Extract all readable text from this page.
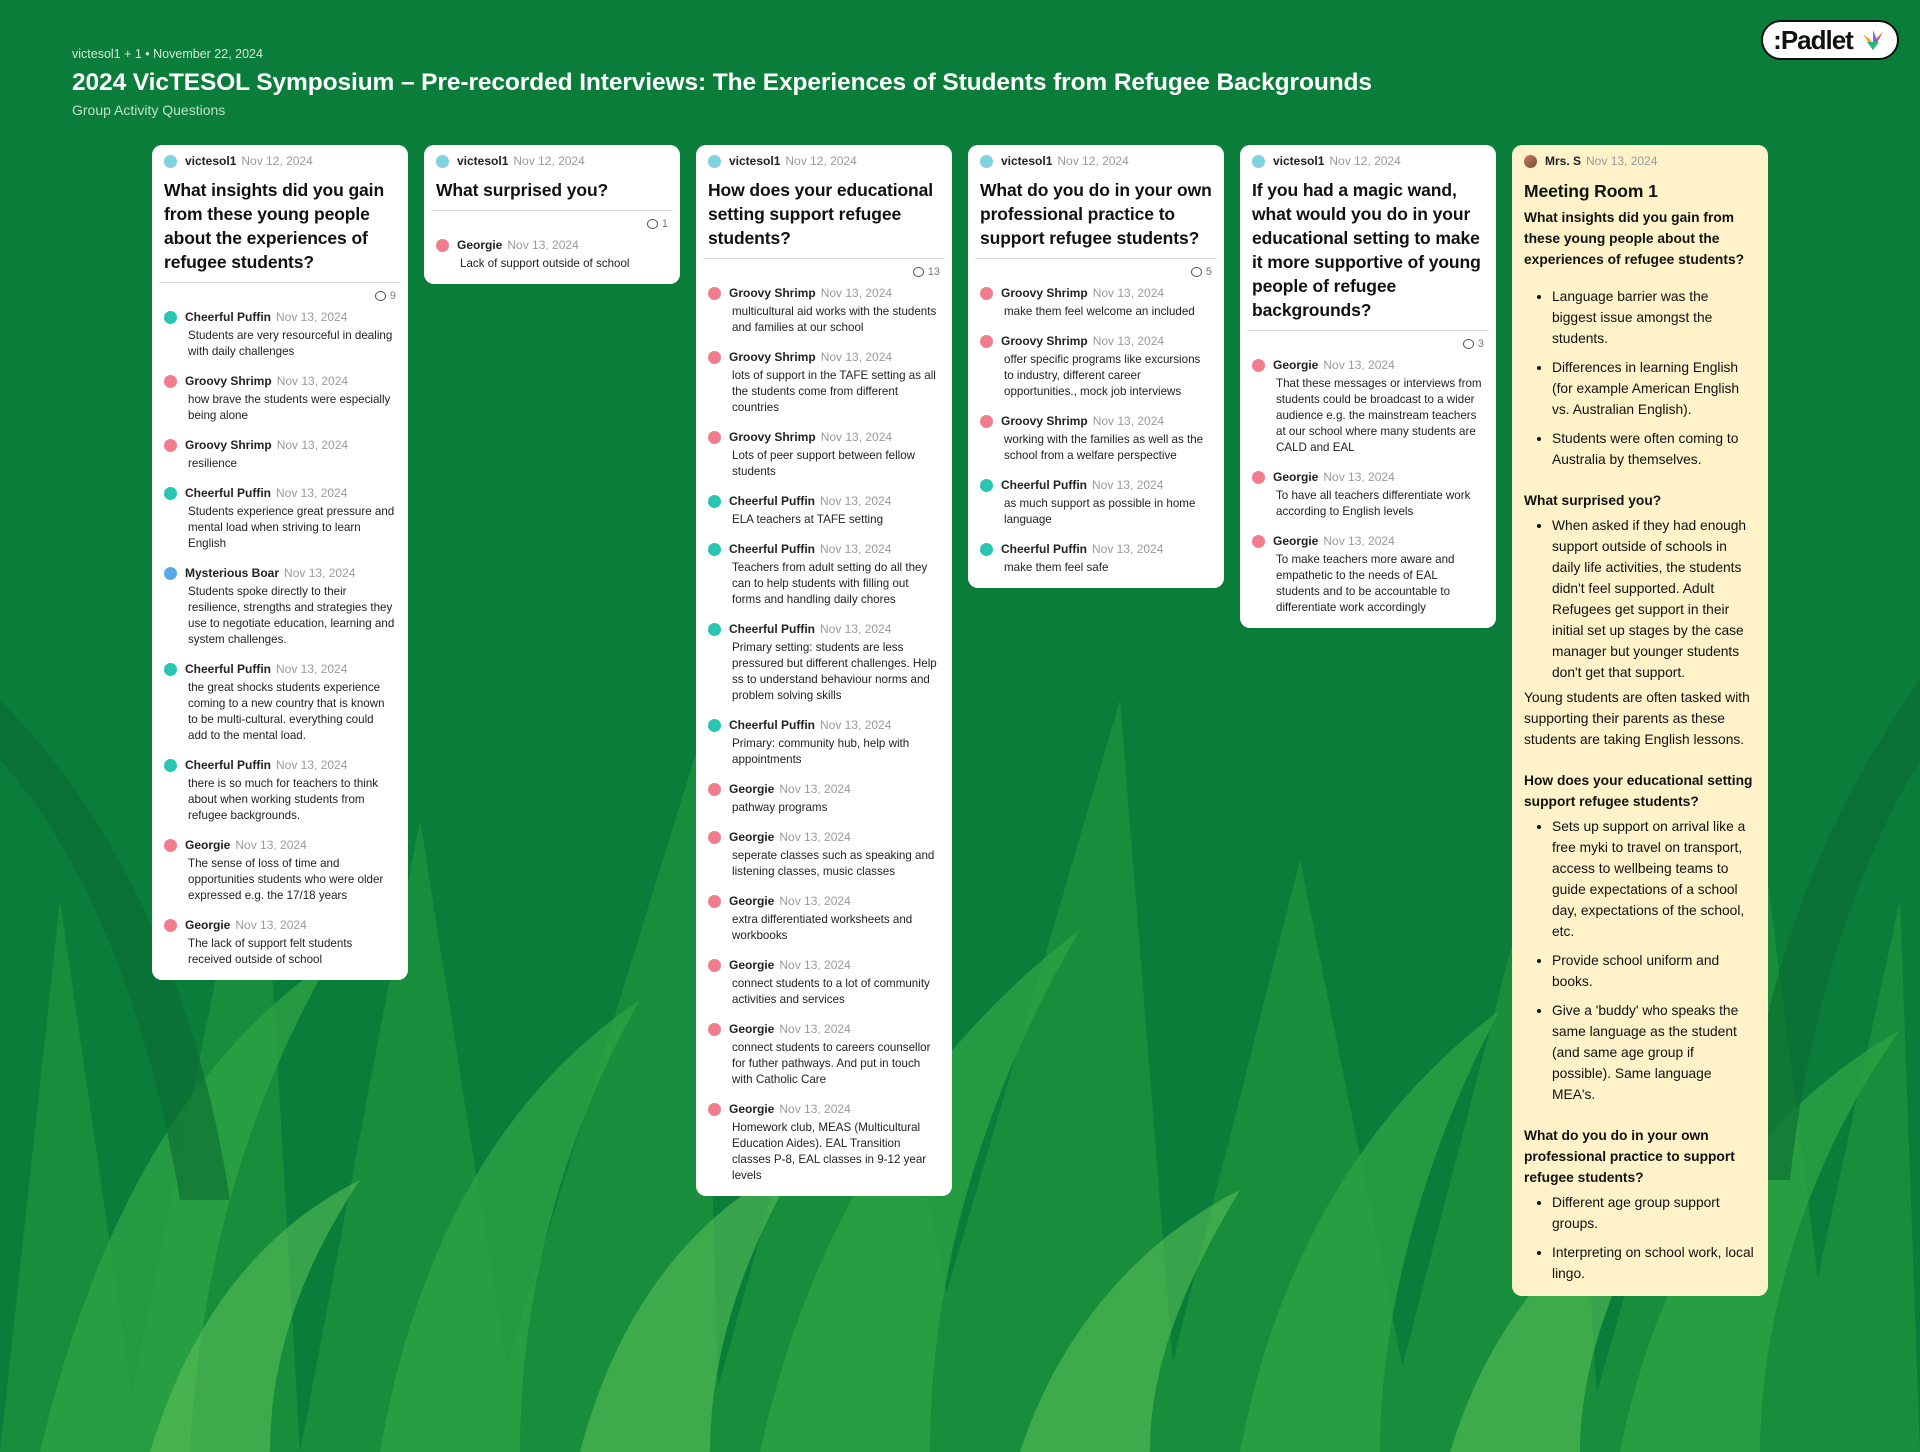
victesol1 + 1 • November 22, 2024
2024 VicTESOL Symposium – Pre-recorded Interviews: The Experiences of Students from Refugee Backgrounds
Group Activity Questions
:Padlet
victesol1 Nov 12, 2024
What insights did you gain from these young people about the experiences of refugee students?
9
Cheerful Puffin Nov 13, 2024
Students are very resourceful in dealing with daily challenges
Groovy Shrimp Nov 13, 2024
how brave the students were especially being alone
Groovy Shrimp Nov 13, 2024
resilience
Cheerful Puffin Nov 13, 2024
Students experience great pressure and mental load when striving to learn English
Mysterious Boar Nov 13, 2024
Students spoke directly to their resilience, strengths and strategies they use to negotiate education, learning and system challenges.
Cheerful Puffin Nov 13, 2024
the great shocks students experience coming to a new country that is known to be multi-cultural. everything could add to the mental load.
Cheerful Puffin Nov 13, 2024
there is so much for teachers to think about when working students from refugee backgrounds.
Georgie Nov 13, 2024
The sense of loss of time and opportunities students who were older expressed e.g. the 17/18 years
Georgie Nov 13, 2024
The lack of support felt students received outside of school
victesol1 Nov 12, 2024
What surprised you?
1
Georgie Nov 13, 2024
Lack of support outside of school
victesol1 Nov 12, 2024
How does your educational setting support refugee students?
13
Groovy Shrimp Nov 13, 2024
multicultural aid works with the students and families at our school
Groovy Shrimp Nov 13, 2024
lots of support in the TAFE setting as all the students come from different countries
Groovy Shrimp Nov 13, 2024
Lots of peer support between fellow students
Cheerful Puffin Nov 13, 2024
ELA teachers at TAFE setting
Cheerful Puffin Nov 13, 2024
Teachers from adult setting do all they can to help students with filling out forms and handling daily chores
Cheerful Puffin Nov 13, 2024
Primary setting: students are less pressured but different challenges. Help ss to understand behaviour norms and problem solving skills
Cheerful Puffin Nov 13, 2024
Primary: community hub, help with appointments
Georgie Nov 13, 2024
pathway programs
Georgie Nov 13, 2024
seperate classes such as speaking and listening classes, music classes
Georgie Nov 13, 2024
extra differentiated worksheets and workbooks
Georgie Nov 13, 2024
connect students to a lot of community activities and services
Georgie Nov 13, 2024
connect students to careers counsellor for futher pathways. And put in touch with Catholic Care
Georgie Nov 13, 2024
Homework club, MEAS (Multicultural Education Aides). EAL Transition classes P-8, EAL classes in 9-12 year levels
victesol1 Nov 12, 2024
What do you do in your own professional practice to support refugee students?
5
Groovy Shrimp Nov 13, 2024
make them feel welcome an included
Groovy Shrimp Nov 13, 2024
offer specific programs like excursions to industry, different career opportunities., mock job interviews
Groovy Shrimp Nov 13, 2024
working with the families as well as the school from a welfare perspective
Cheerful Puffin Nov 13, 2024
as much support as possible in home language
Cheerful Puffin Nov 13, 2024
make them feel safe
victesol1 Nov 12, 2024
If you had a magic wand, what would you do in your educational setting to make it more supportive of young people of refugee backgrounds?
3
Georgie Nov 13, 2024
That these messages or interviews from students could be broadcast to a wider audience e.g. the mainstream teachers at our school where many students are CALD and EAL
Georgie Nov 13, 2024
To have all teachers differentiate work according to English levels
Georgie Nov 13, 2024
To make teachers more aware and empathetic to the needs of EAL students and to be accountable to differentiate work accordingly
Mrs. S Nov 13, 2024
Meeting Room 1
What insights did you gain from these young people about the experiences of refugee students?
• Language barrier was the biggest issue amongst the students.
• Differences in learning English (for example American English vs. Australian English).
• Students were often coming to Australia by themselves.
What surprised you?
• When asked if they had enough support outside of schools in daily life activities, the students didn't feel supported. Adult Refugees get support in their initial set up stages by the case manager but younger students don't get that support.
Young students are often tasked with supporting their parents as these students are taking English lessons.
How does your educational setting support refugee students?
• Sets up support on arrival like a free myki to travel on transport, access to wellbeing teams to guide expectations of a school day, expectations of the school, etc.
• Provide school uniform and books.
• Give a 'buddy' who speaks the same language as the student (and same age group if possible). Same language MEA's.
What do you do in your own professional practice to support refugee students?
• Different age group support groups.
• Interpreting on school work, local lingo.
